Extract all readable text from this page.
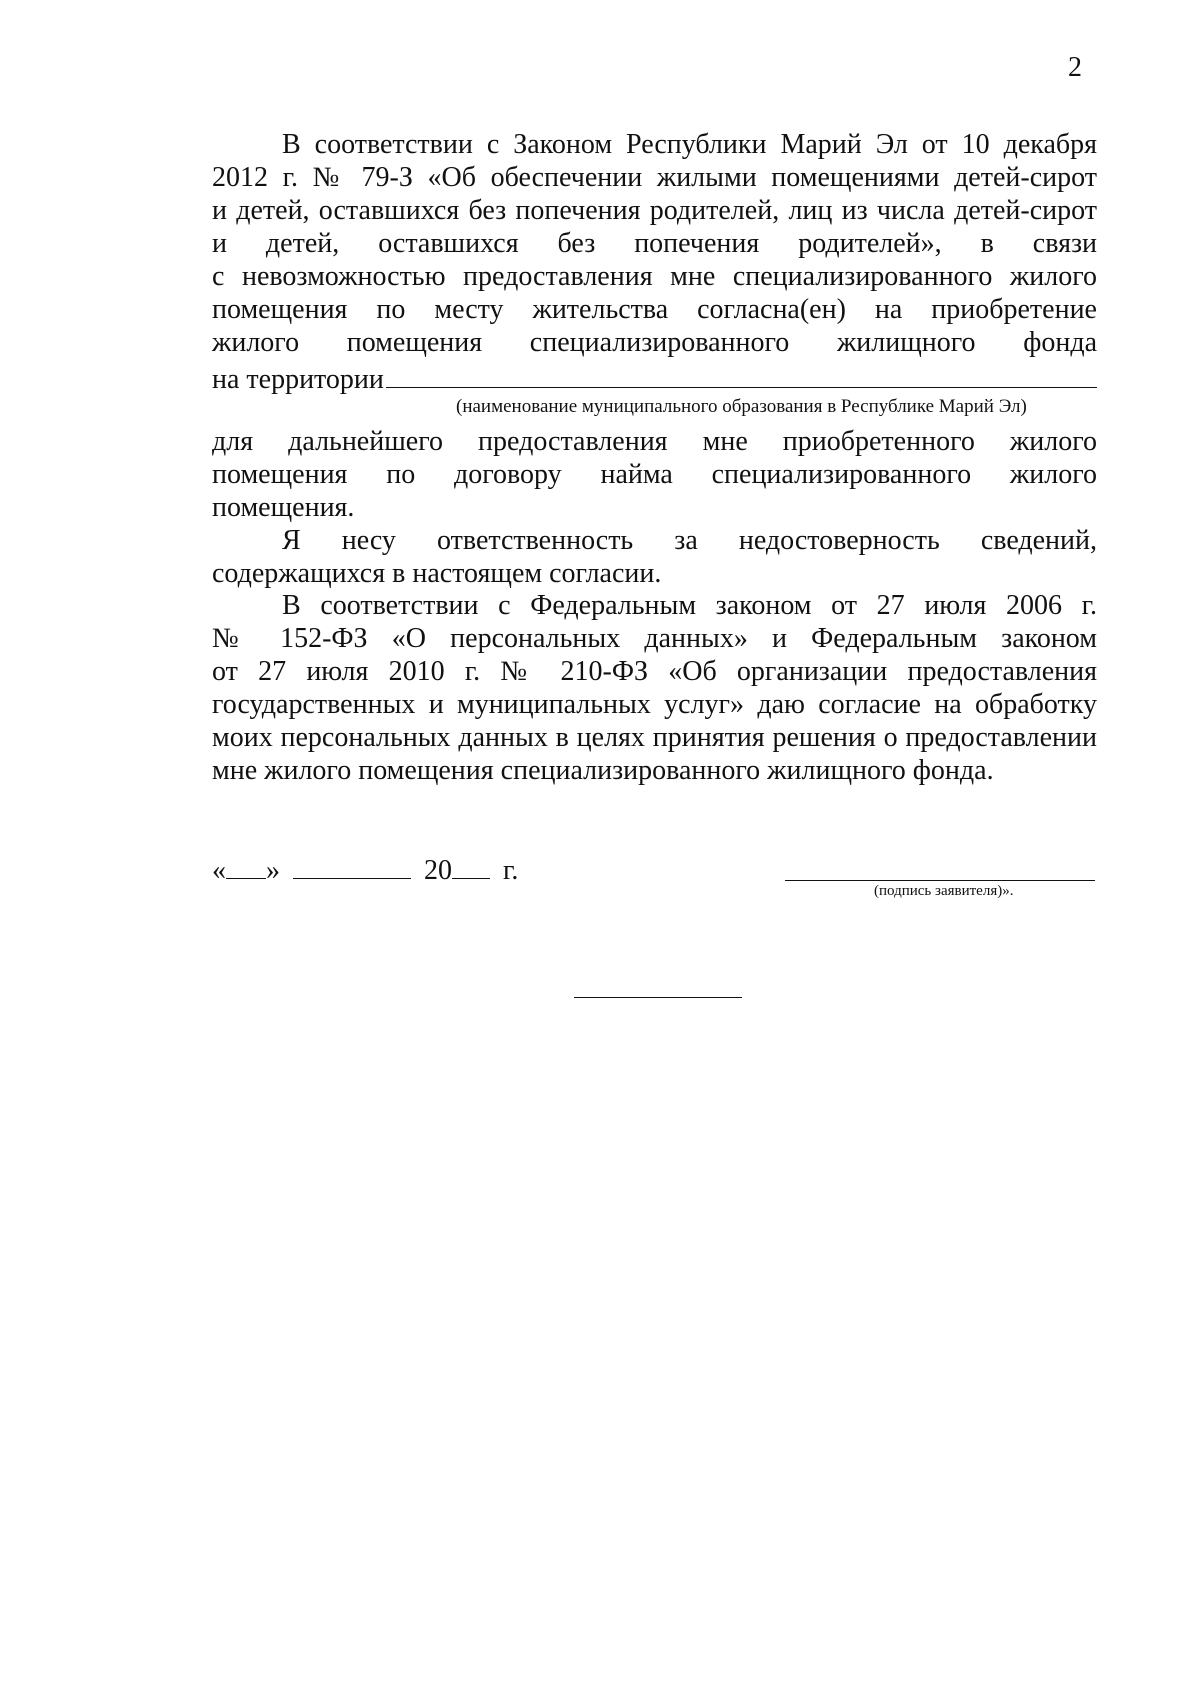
2
В соответствии с Законом Республики Марий Эл от 10 декабря
2012 г. № 79-З «Об обеспечении жилыми помещениями детей-сирот
и детей, оставшихся без попечения родителей, лиц из числа детей-сирот
и детей, оставшихся без попечения родителей», в связи
с невозможностью предоставления мне специализированного жилого
помещения по месту жительства согласна(ен) на приобретение
жилого помещения специализированного жилищного фонда
на территории
(наименование муниципального образования в Республике Марий Эл)
для дальнейшего предоставления мне приобретенного жилого
помещения по договору найма специализированного жилого
помещения.
Я несу ответственность за недостоверность сведений,
содержащихся в настоящем согласии.
В соответствии с Федеральным законом от 27 июля 2006 г.
№ 152-ФЗ «О персональных данных» и Федеральным законом
от 27 июля 2010 г. № 210-ФЗ «Об организации предоставления
государственных и муниципальных услуг» даю согласие на обработку
моих персональных данных в целях принятия решения о предоставлении
мне жилого помещения специализированного жилищного фонда.
« »	20 г.
(подпись заявителя)».
